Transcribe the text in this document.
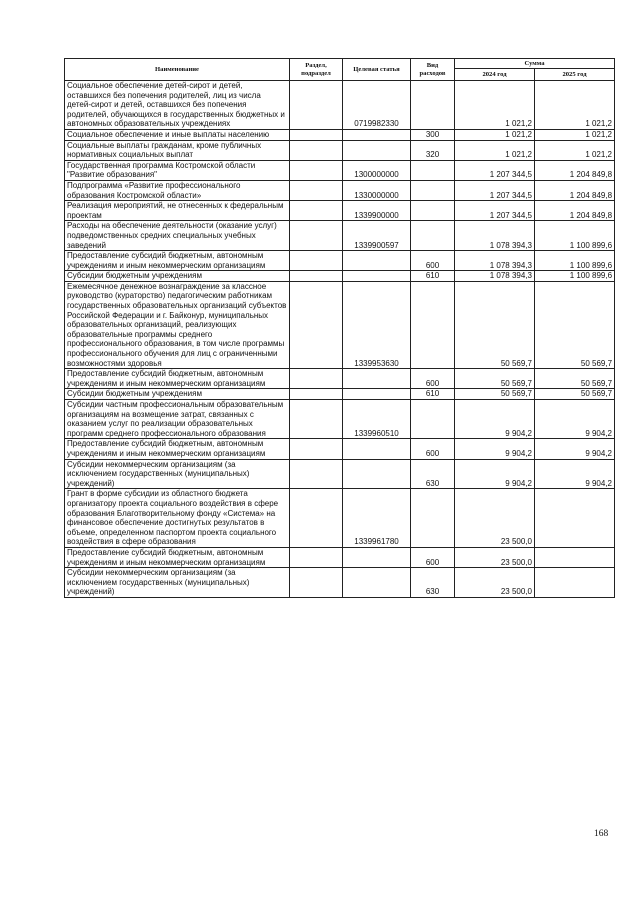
Наименование	Раздел, подраздел	Целевая статья	Вид расходов	Сумма	
				2024 год	2025 год
Социальное обеспечение детей-сирот и детей, оставшихся без попечения родителей, лиц из числа детей-сирот и детей, оставшихся без попечения родителей, обучающихся в государственных бюджетных и автономных образовательных учреждениях		0719982330		1 021,2	1 021,2
Социальное обеспечение и иные выплаты населению			300	1 021,2	1 021,2
Социальные выплаты гражданам, кроме публичных нормативных социальных выплат			320	1 021,2	1 021,2
Государственная программа Костромской области "Развитие образования"		1300000000		1 207 344,5	1 204 849,8
Подпрограмма «Развитие профессионального образования Костромской области»		1330000000		1 207 344,5	1 204 849,8
Реализация мероприятий, не отнесенных к федеральным проектам		1339900000		1 207 344,5	1 204 849,8
Расходы на обеспечение деятельности (оказание услуг) подведомственных средних специальных учебных заведений		1339900597		1 078 394,3	1 100 899,6
Предоставление субсидий бюджетным, автономным учреждениям и иным некоммерческим организациям			600	1 078 394,3	1 100 899,6
Субсидии бюджетным учреждениям			610	1 078 394,3	1 100 899,6
Ежемесячное денежное вознаграждение за классное руководство (кураторство) педагогическим работникам государственных образовательных организаций субъектов Российской Федерации и г. Байконур, муниципальных образовательных организаций, реализующих образовательные программы среднего профессионального образования, в том числе программы профессионального обучения для лиц с ограниченными возможностями здоровья		1339953630		50 569,7	50 569,7
Предоставление субсидий бюджетным, автономным учреждениям и иным некоммерческим организациям			600	50 569,7	50 569,7
Субсидии бюджетным учреждениям			610	50 569,7	50 569,7
Субсидии частным профессиональным образовательным организациям на возмещение затрат, связанных с оказанием услуг по реализации образовательных программ среднего профессионального образования		1339960510		9 904,2	9 904,2
Предоставление субсидий бюджетным, автономным учреждениям и иным некоммерческим организациям			600	9 904,2	9 904,2
Субсидии некоммерческим организациям (за исключением государственных (муниципальных) учреждений)			630	9 904,2	9 904,2
Грант в форме субсидии из областного бюджета организатору проекта социального воздействия в сфере образования Благотворительному фонду «Система» на финансовое обеспечение достигнутых результатов в объеме, определенном паспортом проекта социального воздействия в сфере образования		1339961780		23 500,0	
Предоставление субсидий бюджетным, автономным учреждениям и иным некоммерческим организациям			600	23 500,0	
Субсидии некоммерческим организациям (за исключением государственных (муниципальных) учреждений)			630	23 500,0	
168
